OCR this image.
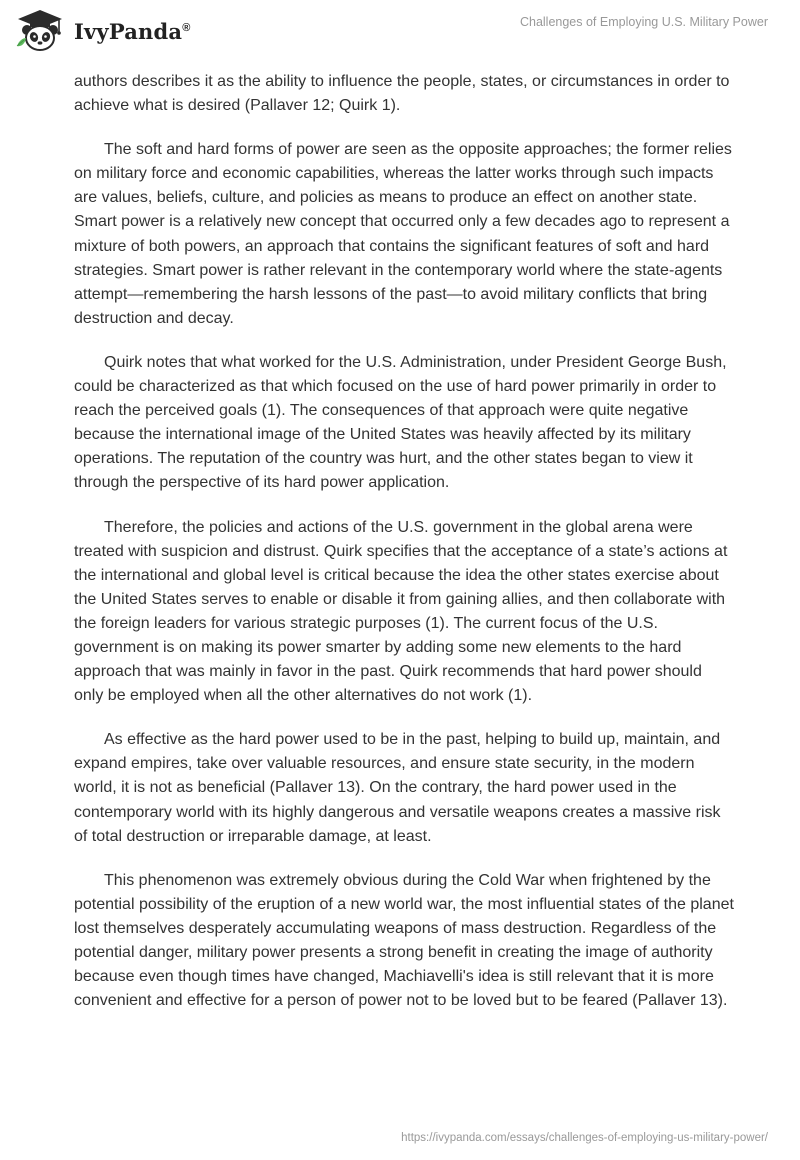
IvyPanda®	Challenges of Employing U.S. Military Power

authors describes it as the ability to influence the people, states, or circumstances in order to achieve what is desired (Pallaver 12; Quirk 1).

The soft and hard forms of power are seen as the opposite approaches; the former relies on military force and economic capabilities, whereas the latter works through such impacts are values, beliefs, culture, and policies as means to produce an effect on another state. Smart power is a relatively new concept that occurred only a few decades ago to represent a mixture of both powers, an approach that contains the significant features of soft and hard strategies. Smart power is rather relevant in the contemporary world where the state-agents attempt—remembering the harsh lessons of the past—to avoid military conflicts that bring destruction and decay.

Quirk notes that what worked for the U.S. Administration, under President George Bush, could be characterized as that which focused on the use of hard power primarily in order to reach the perceived goals (1). The consequences of that approach were quite negative because the international image of the United States was heavily affected by its military operations. The reputation of the country was hurt, and the other states began to view it through the perspective of its hard power application.

Therefore, the policies and actions of the U.S. government in the global arena were treated with suspicion and distrust. Quirk specifies that the acceptance of a state’s actions at the international and global level is critical because the idea the other states exercise about the United States serves to enable or disable it from gaining allies, and then collaborate with the foreign leaders for various strategic purposes (1). The current focus of the U.S. government is on making its power smarter by adding some new elements to the hard approach that was mainly in favor in the past. Quirk recommends that hard power should only be employed when all the other alternatives do not work (1).

As effective as the hard power used to be in the past, helping to build up, maintain, and expand empires, take over valuable resources, and ensure state security, in the modern world, it is not as beneficial (Pallaver 13). On the contrary, the hard power used in the contemporary world with its highly dangerous and versatile weapons creates a massive risk of total destruction or irreparable damage, at least.

This phenomenon was extremely obvious during the Cold War when frightened by the potential possibility of the eruption of a new world war, the most influential states of the planet lost themselves desperately accumulating weapons of mass destruction. Regardless of the potential danger, military power presents a strong benefit in creating the image of authority because even though times have changed, Machiavelli's idea is still relevant that it is more convenient and effective for a person of power not to be loved but to be feared (Pallaver 13).

https://ivypanda.com/essays/challenges-of-employing-us-military-power/
